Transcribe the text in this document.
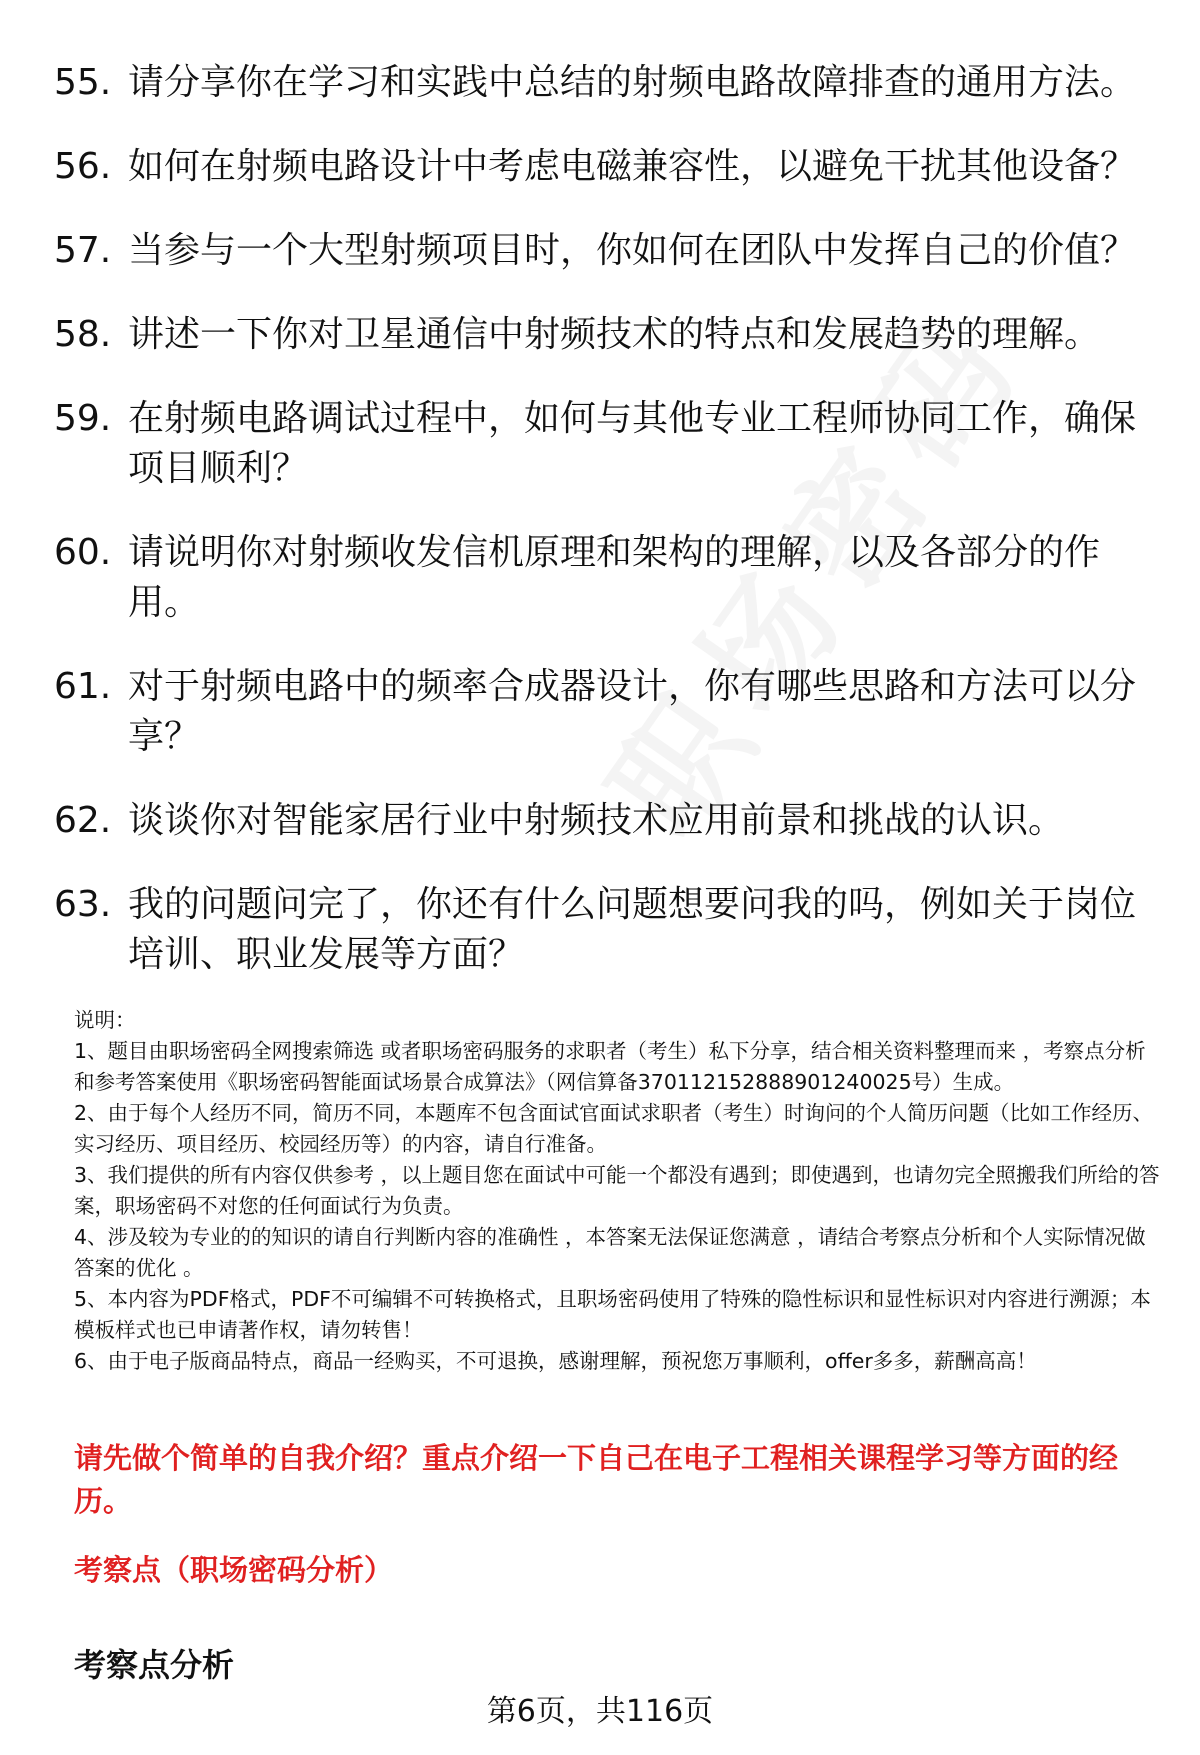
55. 请分享你在学习和实践中总结的射频电路故障排查的通用方法。
56. 如何在射频电路设计中考虑电磁兼容性，以避免干扰其他设备？
57. 当参与一个大型射频项目时，你如何在团队中发挥自己的价值？
58. 讲述一下你对卫星通信中射频技术的特点和发展趋势的理解。
59. 在射频电路调试过程中，如何与其他专业工程师协同工作，确保项目顺利？
60. 请说明你对射频收发信机原理和架构的理解，以及各部分的作用。
61. 对于射频电路中的频率合成器设计，你有哪些思路和方法可以分享？
62. 谈谈你对智能家居行业中射频技术应用前景和挑战的认识。
63. 我的问题问完了，你还有什么问题想要问我的吗，例如关于岗位培训、职业发展等方面？

说明：

1、题目由职场密码全网搜索筛选 或者职场密码服务的求职者（考生）私下分享，结合相关资料整理而来 ，考察点分析和参考答案使用《职场密码智能面试场景合成算法》（网信算备370112152888901240025号）生成。

2、由于每个人经历不同，简历不同，本题库不包含面试官面试求职者（考生）时询问的个人简历问题（比如工作经历、实习经历、项目经历、校园经历等）的内容，请自行准备。

3、我们提供的所有内容仅供参考 ，以上题目您在面试中可能一个都没有遇到；即使遇到，也请勿完全照搬我们所给的答案，职场密码不对您的任何面试行为负责。

4、涉及较为专业的的知识的请自行判断内容的准确性 ，本答案无法保证您满意 ，请结合考察点分析和个人实际情况做答案的优化 。

5、本内容为PDF格式，PDF不可编辑不可转换格式，且职场密码使用了特殊的隐性标识和显性标识对内容进行溯源；本模板样式也已申请著作权，请勿转售！

6、由于电子版商品特点，商品一经购买，不可退换，感谢理解，预祝您万事顺利，offer多多，薪酬高高！

请先做个简单的自我介绍？重点介绍一下自己在电子工程相关课程学习等方面的经历。
考察点（职场密码分析）
考察点分析
第6页，共116页
